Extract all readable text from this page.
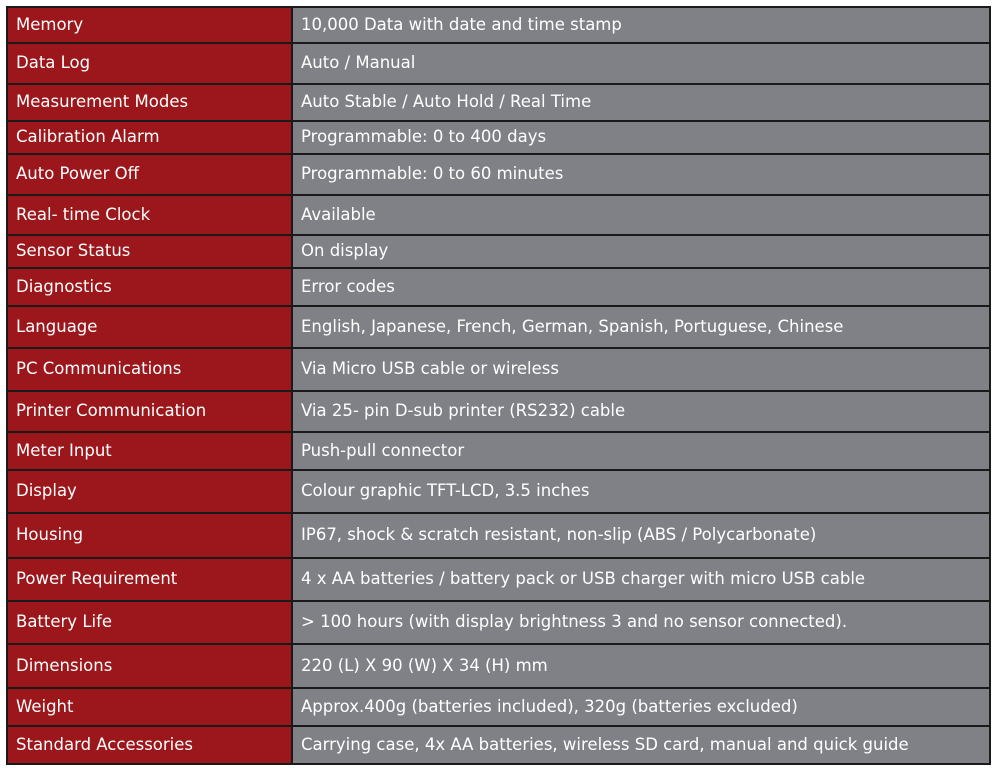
Memory	10,000 Data with date and time stamp
Data Log	Auto / Manual
Measurement Modes	Auto Stable / Auto Hold / Real Time
Calibration Alarm	Programmable: 0 to 400 days
Auto Power Off	Programmable: 0 to 60 minutes
Real- time Clock	Available
Sensor Status	On display
Diagnostics	Error codes
Language	English, Japanese, French, German, Spanish, Portuguese, Chinese
PC Communications	Via Micro USB cable or wireless
Printer Communication	Via 25- pin D-sub printer (RS232) cable
Meter Input	Push-pull connector
Display	Colour graphic TFT-LCD, 3.5 inches
Housing	IP67, shock & scratch resistant, non-slip (ABS / Polycarbonate)
Power Requirement	4 x AA batteries / battery pack or USB charger with micro USB cable
Battery Life	> 100 hours (with display brightness 3 and no sensor connected).
Dimensions	220 (L) X 90 (W) X 34 (H) mm
Weight	Approx.400g (batteries included), 320g (batteries excluded)
Standard Accessories	Carrying case, 4x AA batteries, wireless SD card, manual and quick guide
